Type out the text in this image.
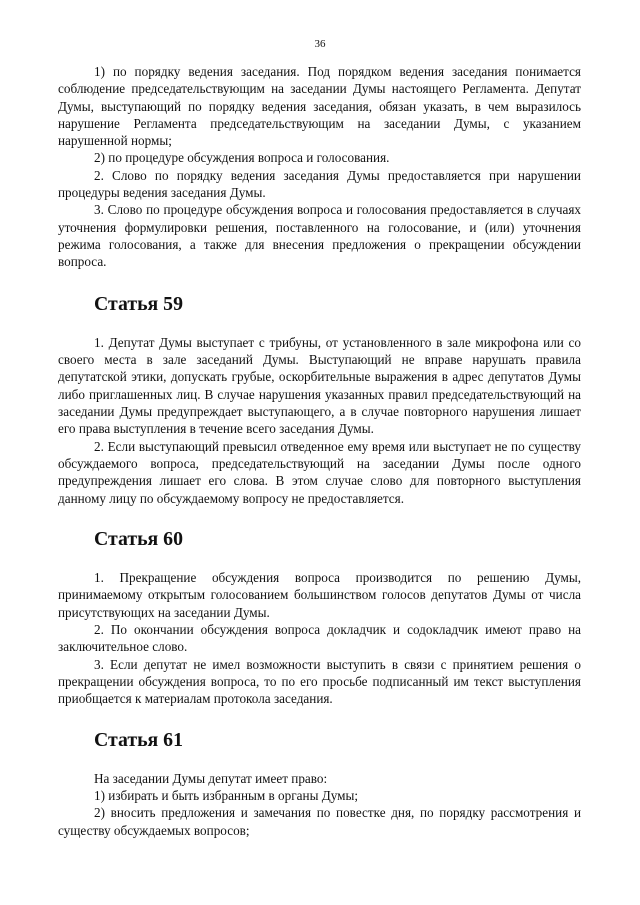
36

1) по порядку ведения заседания. Под порядком ведения заседания понимается соблюдение председательствующим на заседании Думы настоящего Регламента. Депутат Думы, выступающий по порядку ведения заседания, обязан указать, в чем выразилось нарушение Регламента председательствующим на заседании Думы, с указанием нарушенной нормы;

2) по процедуре обсуждения вопроса и голосования.

2. Слово по порядку ведения заседания Думы предоставляется при нарушении процедуры ведения заседания Думы.

3. Слово по процедуре обсуждения вопроса и голосования предоставляется в случаях уточнения формулировки решения, поставленного на голосование, и (или) уточнения режима голосования, а также для внесения предложения о прекращении обсуждении вопроса.

Статья 59

1. Депутат Думы выступает с трибуны, от установленного в зале микрофона или со своего места в зале заседаний Думы. Выступающий не вправе нарушать правила депутатской этики, допускать грубые, оскорбительные выражения в адрес депутатов Думы либо приглашенных лиц. В случае нарушения указанных правил председательствующий на заседании Думы предупреждает выступающего, а в случае повторного нарушения лишает его права выступления в течение всего заседания Думы.

2. Если выступающий превысил отведенное ему время или выступает не по существу обсуждаемого вопроса, председательствующий на заседании Думы после одного предупреждения лишает его слова. В этом случае слово для повторного выступления данному лицу по обсуждаемому вопросу не предоставляется.

Статья 60

1. Прекращение обсуждения вопроса производится по решению Думы, принимаемому открытым голосованием большинством голосов депутатов Думы от числа присутствующих на заседании Думы.

2. По окончании обсуждения вопроса докладчик и содокладчик имеют право на заключительное слово.

3. Если депутат не имел возможности выступить в связи с принятием решения о прекращении обсуждения вопроса, то по его просьбе подписанный им текст выступления приобщается к материалам протокола заседания.

Статья 61

На заседании Думы депутат имеет право:

1) избирать и быть избранным в органы Думы;

2) вносить предложения и замечания по повестке дня, по порядку рассмотрения и существу обсуждаемых вопросов;
